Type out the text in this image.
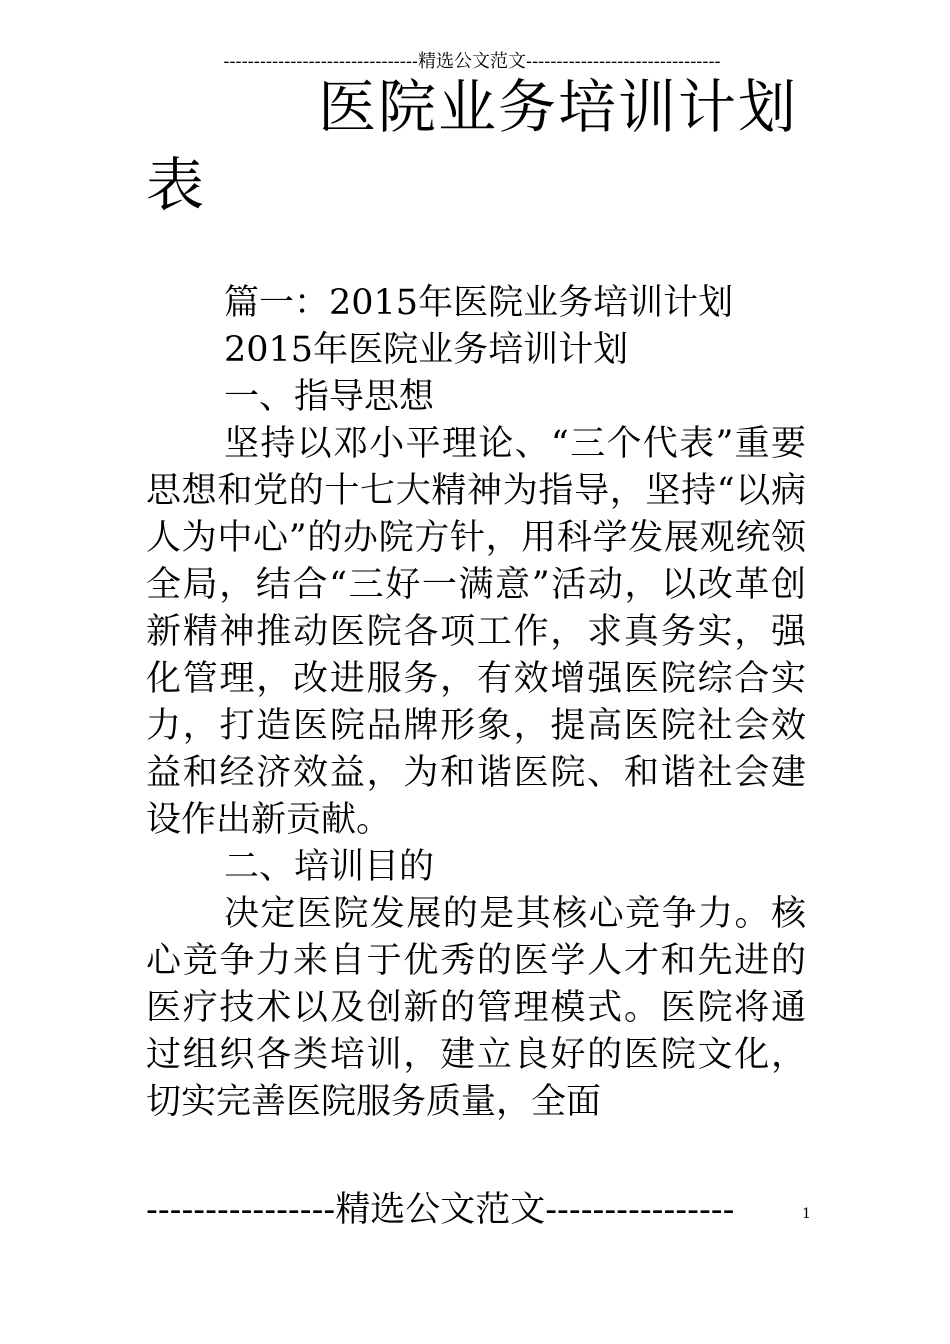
--------------------------------精选公文范文--------------------------------
医院业务培训计划表

篇一：2015年医院业务培训计划

2015年医院业务培训计划

一、指导思想

坚持以邓小平理论、“三个代表”重要思想和党的十七大精神为指导，坚持“以病人为中心”的办院方针，用科学发展观统领全局，结合“三好一满意”活动，以改革创新精神推动医院各项工作，求真务实，强化管理，改进服务，有效增强医院综合实力，打造医院品牌形象，提高医院社会效益和经济效益，为和谐医院、和谐社会建设作出新贡献。

二、培训目的

决定医院发展的是其核心竞争力。核心竞争力来自于优秀的医学人才和先进的医疗技术以及创新的管理模式。医院将通过组织各类培训，建立良好的医院文化，切实完善医院服务质量，全面

----------------精选公文范文----------------	1
